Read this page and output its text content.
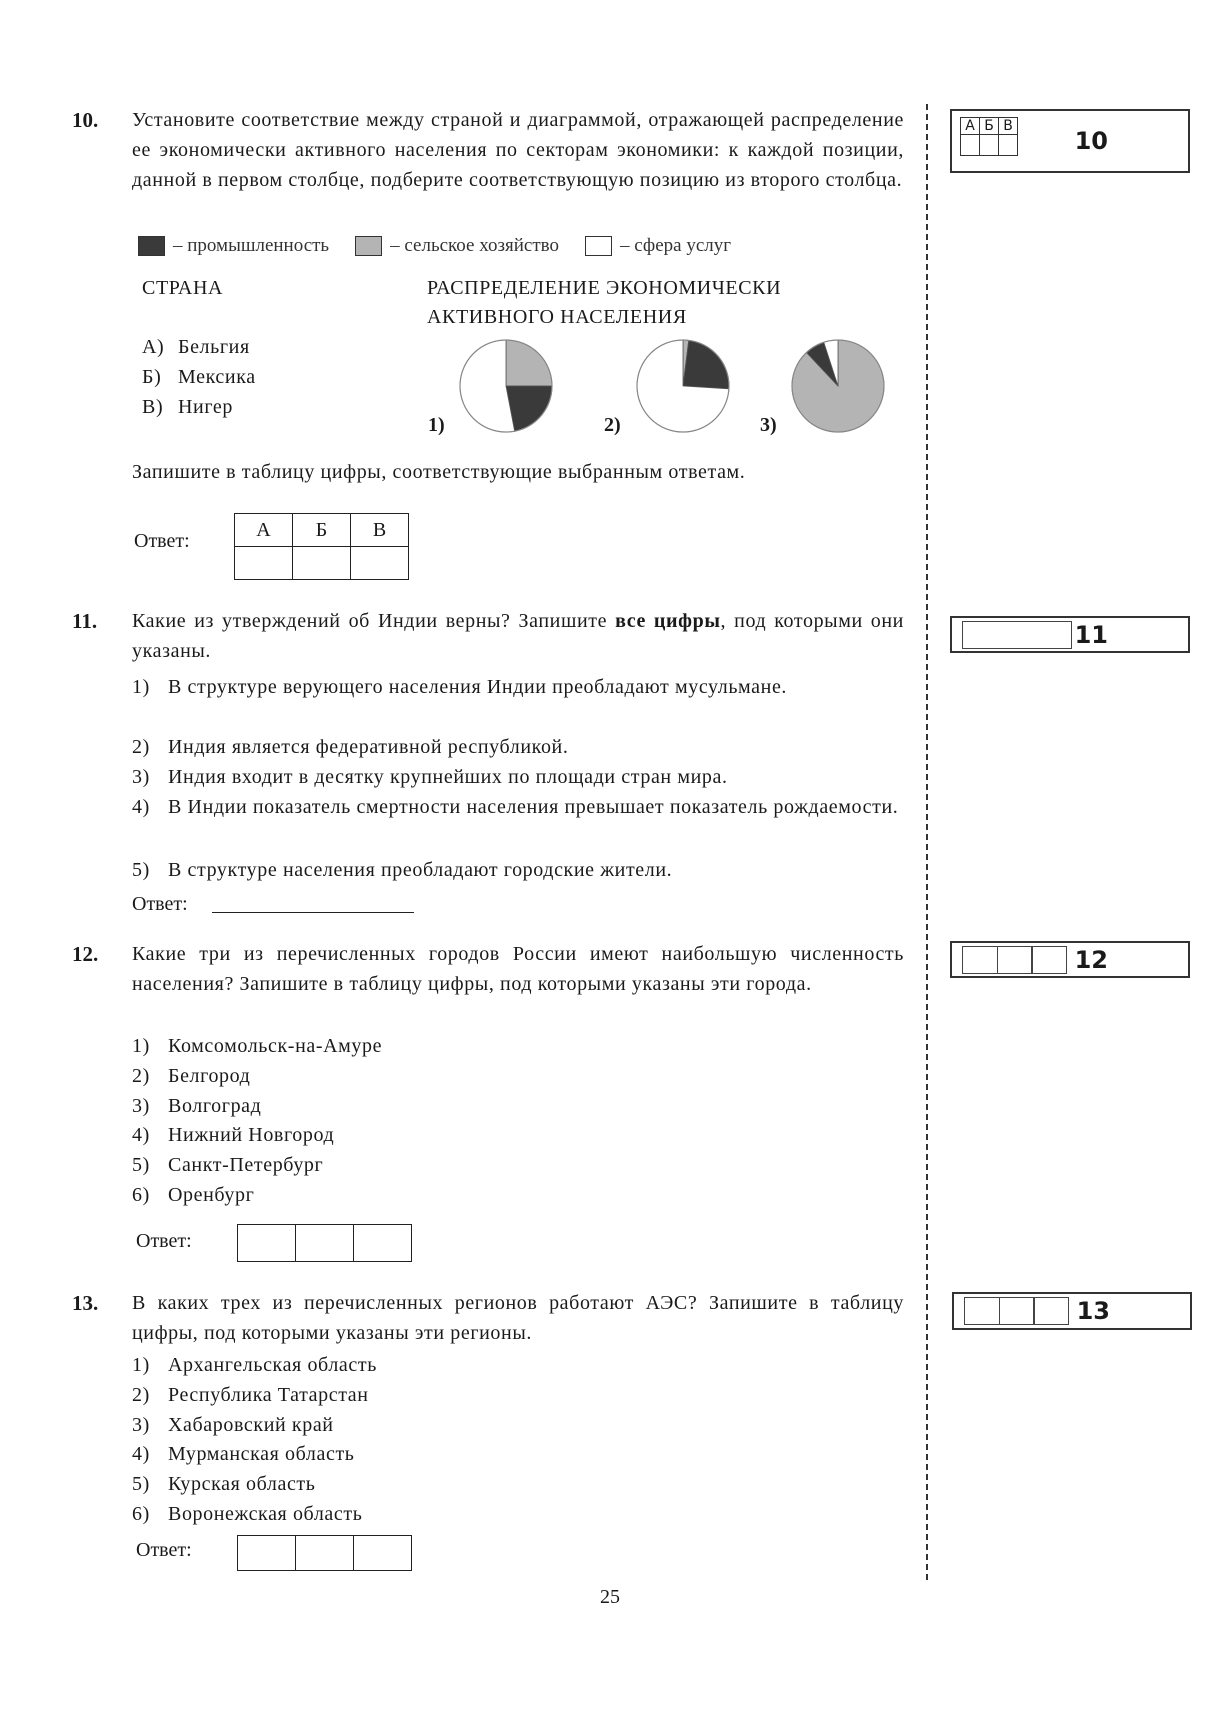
10. Установите соответствие между страной и диаграммой, отражающей распределение ее экономически активного населения по секторам экономики: к каждой позиции, данной в первом столбце, подберите соответствующую позицию из второго столбца.
– промышленность	– сельское хозяйство	– сфера услуг
СТРАНА	РАСПРЕДЕЛЕНИЕ ЭКОНОМИЧЕСКИ
АКТИВНОГО НАСЕЛЕНИЯ
А) Бельгия
Б) Мексика
В) Нигер
1)	2)	3)
Запишите в таблицу цифры, соответствующие выбранным ответам.
Ответ:
А	Б	В

11. Какие из утверждений об Индии верны? Запишите все цифры, под которыми они указаны.
1) В структуре верующего населения Индии преобладают мусульмане.
2) Индия является федеративной республикой.
3) Индия входит в десятку крупнейших по площади стран мира.
4) В Индии показатель смертности населения превышает показатель рождаемости.
5) В структуре населения преобладают городские жители.
Ответ:
12. Какие три из перечисленных городов России имеют наибольшую численность населения? Запишите в таблицу цифры, под которыми указаны эти города.
1) Комсомольск-на-Амуре
2) Белгород
3) Волгоград
4) Нижний Новгород
5) Санкт-Петербург
6) Оренбург
Ответ:

13. В каких трех из перечисленных регионов работают АЭС? Запишите в таблицу цифры, под которыми указаны эти регионы.
1) Архангельская область
2) Республика Татарстан
3) Хабаровский край
4) Мурманская область
5) Курская область
6) Воронежская область
Ответ:

25
А	Б	В

10
11
12
13
